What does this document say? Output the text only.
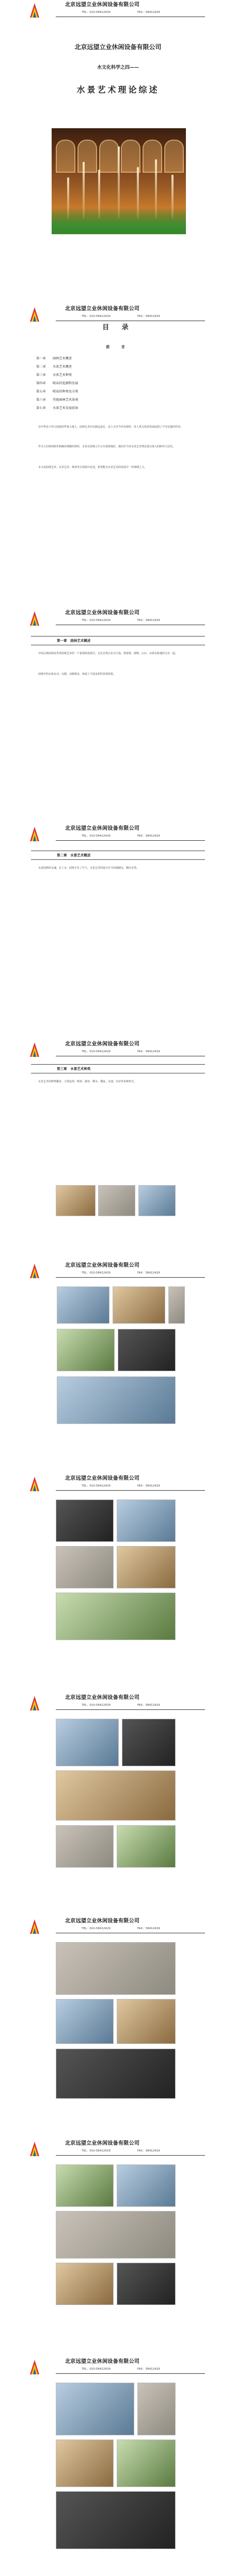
北京远望立业休闲设备有限公司
TEL：010-58412429	FAX：58412429
北京远望立业休闲设备有限公司
水文化科学之四——
水景艺术理论综述
北京远望立业休闲设备有限公司
TEL：010-58412429	FAX：58412429
目 录
前 言
第一章 园林艺术概述
第二章 水景艺术概述
第三章 水景艺术种类
第四章 喷泉的起源和发展
第五章 喷泉的种类及分类
第六章 其他园林艺术景观
第七章 水景艺术发展前景
在中华这个伟大国度的华夏大地上，园林艺术历史源远流长，从上古至今代代相传，对人类文化的发展起到了不可估量的作用。
作为人们休闲娱乐和陶冶情操的场所，水景在园林之中占有重要地位，我们应当对水景艺术理论进行深入的研究与总结。
本文从园林艺术、水景艺术、喷泉等方面展开论述，希望能为水景艺术的发展尽一份绵薄之力。
北京远望立业休闲设备有限公司
TEL：010-58412429	FAX：58412429
第一章 园林艺术概述
中国古典园林是世界园林艺术的一个重要组成部分，它以自然山水为主体，将建筑、植物、山石、水体有机地结合在一起。
园林中的水体有动、有静，动静相宜，构成了丰富多彩的景观效果。
北京远望立业休闲设备有限公司
TEL：010-58412429	FAX：58412429
第二章 水景艺术概述
水是园林的灵魂，有了水，园林才有了生气。水景艺术的设计应当因地制宜，顺应自然。
北京远望立业休闲设备有限公司
TEL：010-58412429	FAX：58412429
第三章 水景艺术种类
水景艺术的种类繁多，主要包括：喷泉、瀑布、叠水、溪流、水池、水帘等多种形式。
北京远望立业休闲设备有限公司
TEL：010-58412429	FAX：58412429
北京远望立业休闲设备有限公司
TEL：010-58412429	FAX：58412429
北京远望立业休闲设备有限公司
TEL：010-58412429	FAX：58412429
北京远望立业休闲设备有限公司
TEL：010-58412429	FAX：58412429
北京远望立业休闲设备有限公司
TEL：010-58412429	FAX：58412429
北京远望立业休闲设备有限公司
TEL：010-58412429	FAX：58412429
